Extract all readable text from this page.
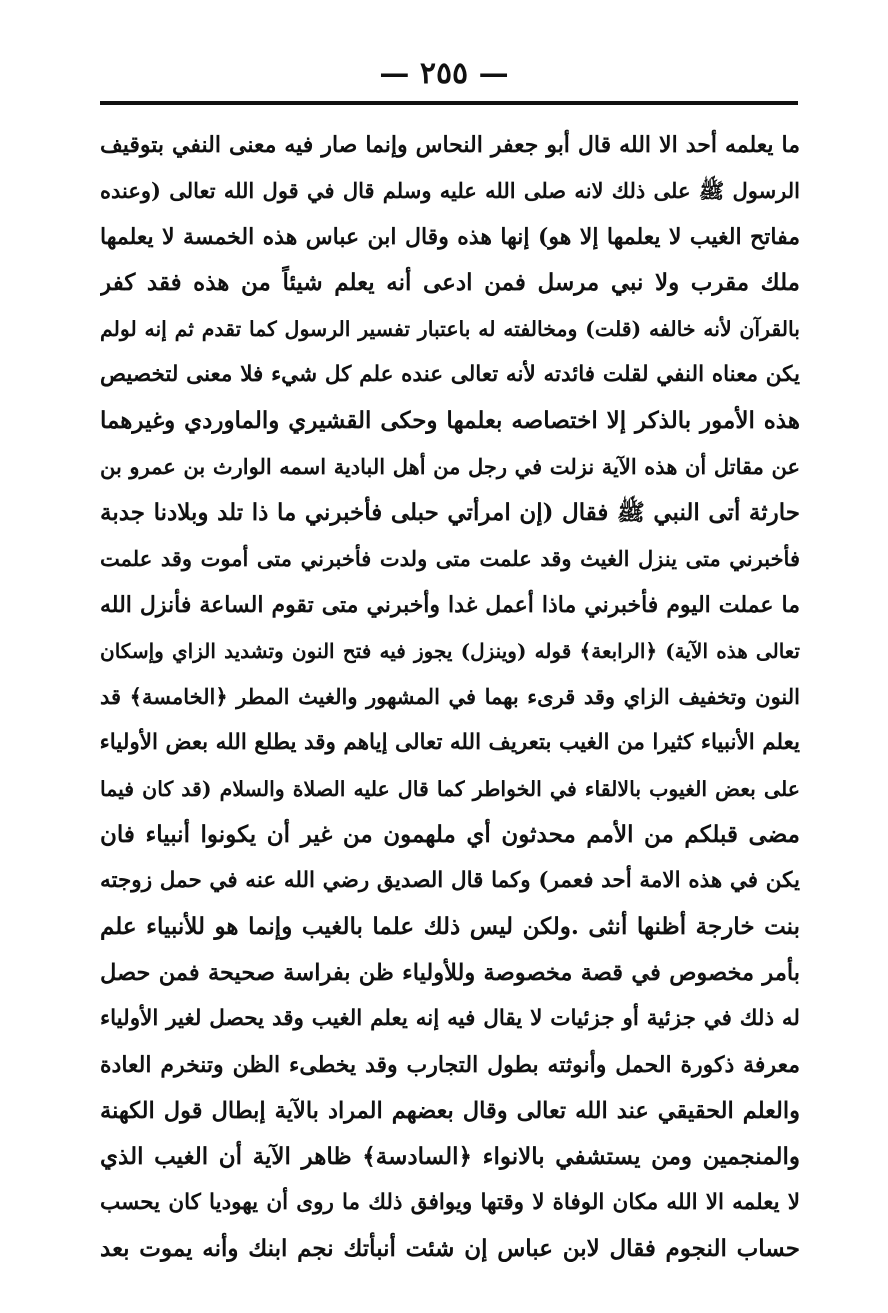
— ٢٥٥ —
ما يعلمه أحد الا الله قال أبو جعفر النحاس وإنما صار فيه معنى النفي بتوقيف
الرسول ﷺ على ذلك لانه صلى الله عليه وسلم قال في قول الله تعالى (وعنده
مفاتح الغيب لا يعلمها إلا هو) إنها هذه وقال ابن عباس هذه الخمسة لا يعلمها
ملك مقرب ولا نبي مرسل فمن ادعى أنه يعلم شيئاً من هذه فقد كفر
بالقرآن لأنه خالفه (قلت) ومخالفته له باعتبار تفسير الرسول كما تقدم ثم إنه لولم
يكن معناه النفي لقلت فائدته لأنه تعالى عنده علم كل شيء فلا معنى لتخصيص
هذه الأمور بالذكر إلا اختصاصه بعلمها وحكى القشيري والماوردي وغيرهما
عن مقاتل أن هذه الآية نزلت في رجل من أهل البادية اسمه الوارث بن عمرو بن
حارثة أتى النبي ﷺ فقال (إن امرأتي حبلى فأخبرني ما ذا تلد وبلادنا جدبة
فأخبرني متى ينزل الغيث وقد علمت متى ولدت فأخبرني متى أموت وقد علمت
ما عملت اليوم فأخبرني ماذا أعمل غدا وأخبرني متى تقوم الساعة فأنزل الله
تعالى هذه الآية) ﴿الرابعة﴾ قوله (وينزل) يجوز فيه فتح النون وتشديد الزاي وإسكان
النون وتخفيف الزاي وقد قرىء بهما في المشهور والغيث المطر ﴿الخامسة﴾ قد
يعلم الأنبياء كثيرا من الغيب بتعريف الله تعالى إياهم وقد يطلع الله بعض الأولياء
على بعض الغيوب بالالقاء في الخواطر كما قال عليه الصلاة والسلام (قد كان فيما
مضى قبلكم من الأمم محدثون أي ملهمون من غير أن يكونوا أنبياء فان
يكن في هذه الامة أحد فعمر) وكما قال الصديق رضي الله عنه في حمل زوجته
بنت خارجة أظنها أنثى .ولكن ليس ذلك علما بالغيب وإنما هو للأنبياء علم
بأمر مخصوص في قصة مخصوصة وللأولياء ظن بفراسة صحيحة فمن حصل
له ذلك في جزئية أو جزئيات لا يقال فيه إنه يعلم الغيب وقد يحصل لغير الأولياء
معرفة ذكورة الحمل وأنوثته بطول التجارب وقد يخطىء الظن وتنخرم العادة
والعلم الحقيقي عند الله تعالى وقال بعضهم المراد بالآية إبطال قول الكهنة
والمنجمين ومن يستشفي بالانواء ﴿السادسة﴾ ظاهر الآية أن الغيب الذي
لا يعلمه الا الله مكان الوفاة لا وقتها ويوافق ذلك ما روى أن يهوديا كان يحسب
حساب النجوم فقال لابن عباس إن شئت أنبأتك نجم ابنك وأنه يموت بعد
